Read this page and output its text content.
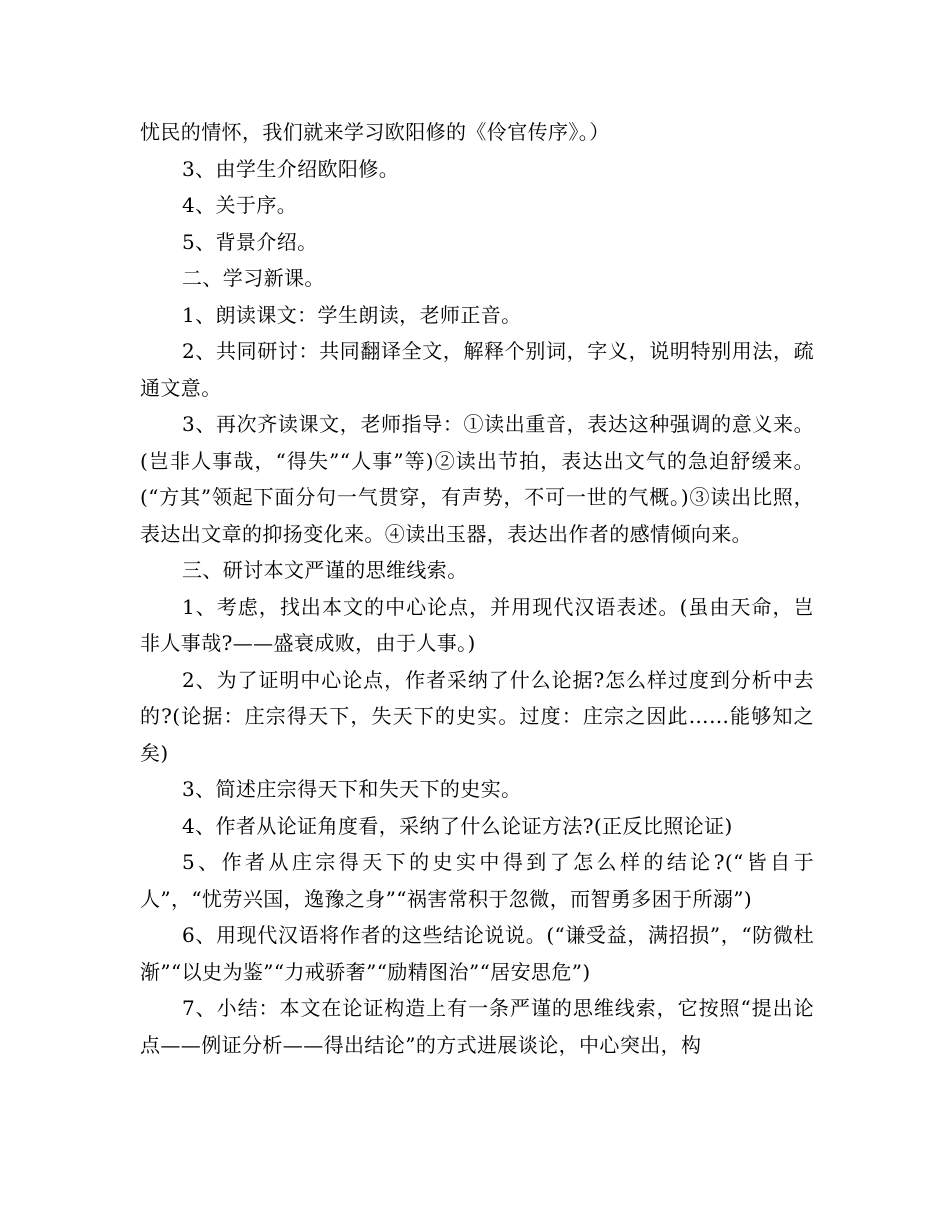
忧民的情怀，我们就来学习欧阳修的《伶官传序》。）

3、由学生介绍欧阳修。

4、关于序。

5、背景介绍。

二、学习新课。

1、朗读课文：学生朗读，老师正音。

2、共同研讨：共同翻译全文，解释个别词，字义，说明特别用法，疏通文意。

3、再次齐读课文，老师指导：①读出重音，表达这种强调的意义来。(岂非人事哉，“得失”“人事”等)②读出节拍，表达出文气的急迫舒缓来。(“方其”领起下面分句一气贯穿，有声势，不可一世的气概。)③读出比照，表达出文章的抑扬变化来。④读出玉器，表达出作者的感情倾向来。

三、研讨本文严谨的思维线索。

1、考虑，找出本文的中心论点，并用现代汉语表述。(虽由天命，岂非人事哉?——盛衰成败，由于人事。)

2、为了证明中心论点，作者采纳了什么论据?怎么样过度到分析中去的?(论据：庄宗得天下，失天下的史实。过度：庄宗之因此……能够知之矣)

3、简述庄宗得天下和失天下的史实。

4、作者从论证角度看，采纳了什么论证方法?(正反比照论证)

5、作者从庄宗得天下的史实中得到了怎么样的结论?(“皆自于人”，“忧劳兴国，逸豫之身”“祸害常积于忽微，而智勇多困于所溺”)

6、用现代汉语将作者的这些结论说说。(“谦受益，满招损”，“防微杜渐”“以史为鉴”“力戒骄奢”“励精图治”“居安思危”)

7、小结：本文在论证构造上有一条严谨的思维线索，它按照“提出论点——例证分析——得出结论”的方式进展谈论，中心突出，构
